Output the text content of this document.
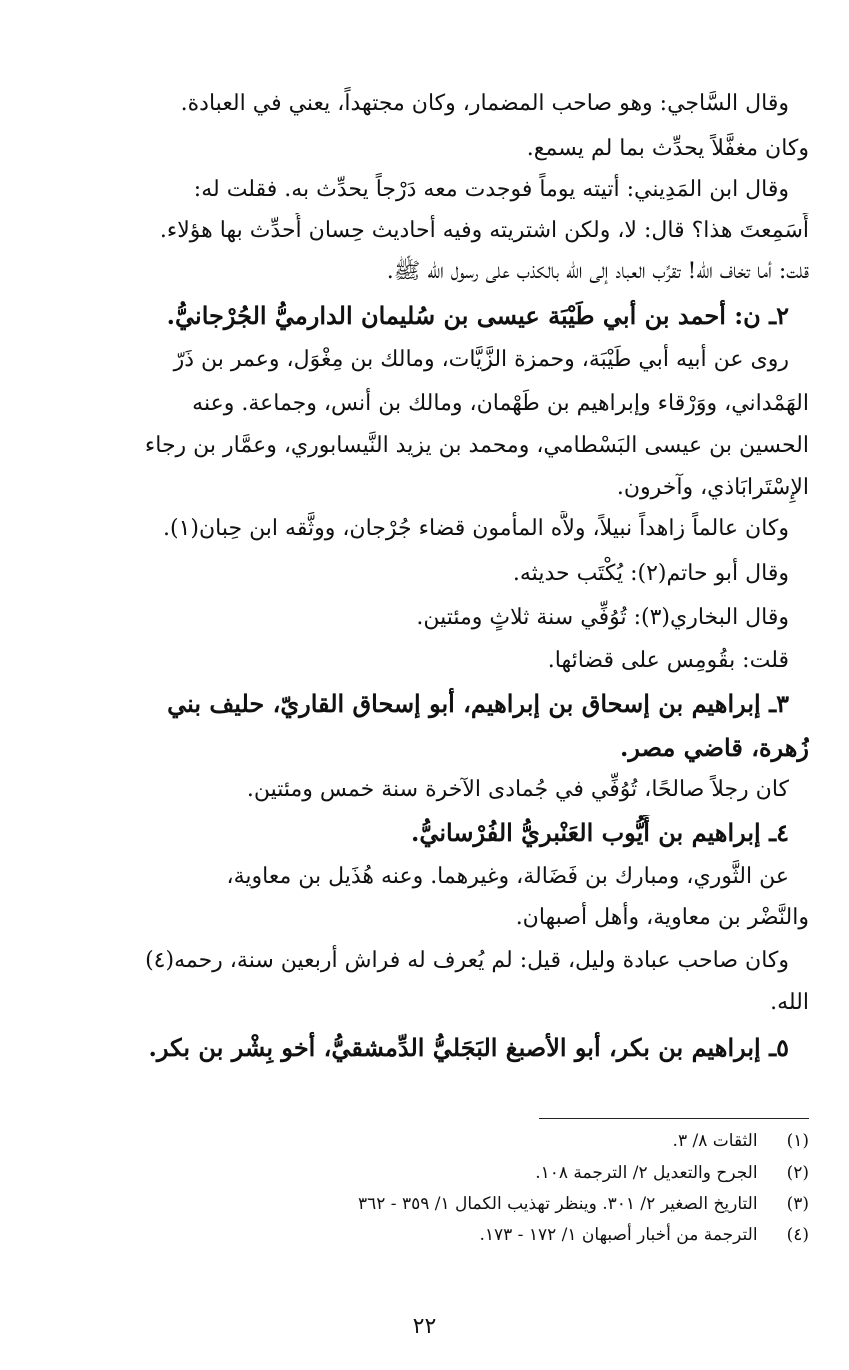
وقال السَّاجي: وهو صاحب المضمار، وكان مجتهداً، يعني في العبادة.
وكان مغفَّلاً يحدِّث بما لم يسمع.
وقال ابن المَدِيني: أتيته يوماً فوجدت معه دَرْجاً يحدِّث به. فقلت له:
أَسَمِعتَ هذا؟ قال: لا، ولكن اشتريته وفيه أحاديث حِسان أُحدِّث بها هؤلاء.
قلت: أما تخاف الله! تقرِّب العباد إلى الله بالكذب على رسول الله ﷺ.
٢ـ ن: أحمد بن أبي طَيْبَة عيسى بن سُليمان الدارميُّ الجُرْجانيُّ.
روى عن أبيه أبي طَيْبَة، وحمزة الزَّيَّات، ومالك بن مِغْوَل، وعمر بن ذَرّ
الهَمْداني، ووَرْقاء وإبراهيم بن طَهْمان، ومالك بن أنس، وجماعة. وعنه
الحسين بن عيسى البَسْطامي، ومحمد بن يزيد النَّيسابوري، وعمَّار بن رجاء
الإِسْتَرابَاذي، وآخرون.
وكان عالماً زاهداً نبيلاً، ولاَّه المأمون قضاء جُرْجان، ووثَّقه ابن حِبان(١).
وقال أبو حاتم(٢): يُكْتَب حديثه.
وقال البخاري(٣): تُوُفِّي سنة ثلاثٍ ومئتين.
قلت: بقُومِس على قضائها.
٣ـ إبراهيم بن إسحاق بن إبراهيم، أبو إسحاق القاريّ، حليف بني
زُهرة، قاضي مصر.
كان رجلاً صالحًا، تُوُفِّي في جُمادى الآخرة سنة خمس ومئتين.
٤ـ إبراهيم بن أَيُّوب العَنْبريُّ الفُرْسانيُّ.
عن الثَّوري، ومبارك بن فَضَالة، وغيرهما. وعنه هُذَيل بن معاوية،
والنَّضْر بن معاوية، وأهل أصبهان.
وكان صاحب عبادة وليل، قيل: لم يُعرف له فراش أربعين سنة، رحمه(٤)
الله.
٥ـ إبراهيم بن بكر، أبو الأصبغ البَجَليُّ الدِّمشقيُّ، أخو بِشْر بن بكر.
(١) الثقات ٨/ ٣.
(٢) الجرح والتعديل ٢/ الترجمة ١٠٨.
(٣) التاريخ الصغير ٢/ ٣٠١. وينظر تهذيب الكمال ١/ ٣٥٩ - ٣٦٢
(٤) الترجمة من أخبار أصبهان ١/ ١٧٢ - ١٧٣.
٢٢
